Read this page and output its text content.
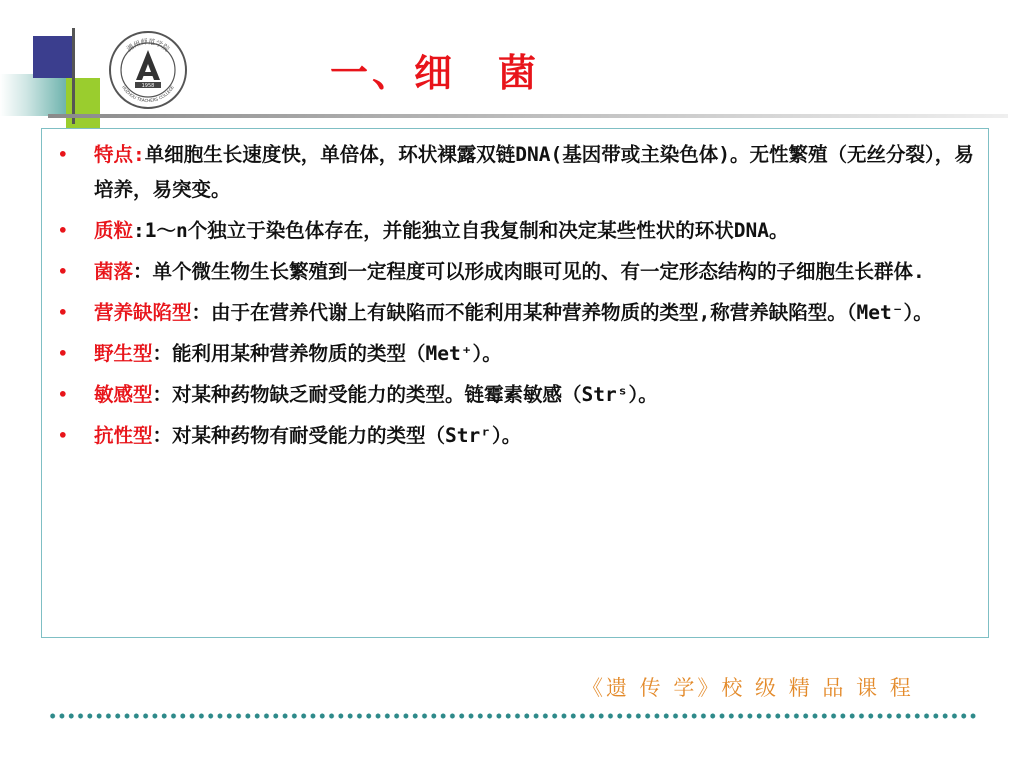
1958
湖州师范学院
HUZHOU TEACHERS COLLEGE	一、细　菌
• 特点:单细胞生长速度快，单倍体，环状裸露双链DNA(基因带或主染色体)。无性繁殖（无丝分裂），易培养，易突变。
• 质粒:1～n个独立于染色体存在，并能独立自我复制和决定某些性状的环状DNA。
• 菌落：单个微生物生长繁殖到一定程度可以形成肉眼可见的、有一定形态结构的子细胞生长群体.
• 营养缺陷型：由于在营养代谢上有缺陷而不能利用某种营养物质的类型,称营养缺陷型。（Met⁻）。
• 野生型：能利用某种营养物质的类型（Met⁺）。
• 敏感型：对某种药物缺乏耐受能力的类型。链霉素敏感（Strˢ）。
• 抗性型：对某种药物有耐受能力的类型（Strʳ）。
《遗 传 学》校 级 精 品 课 程
